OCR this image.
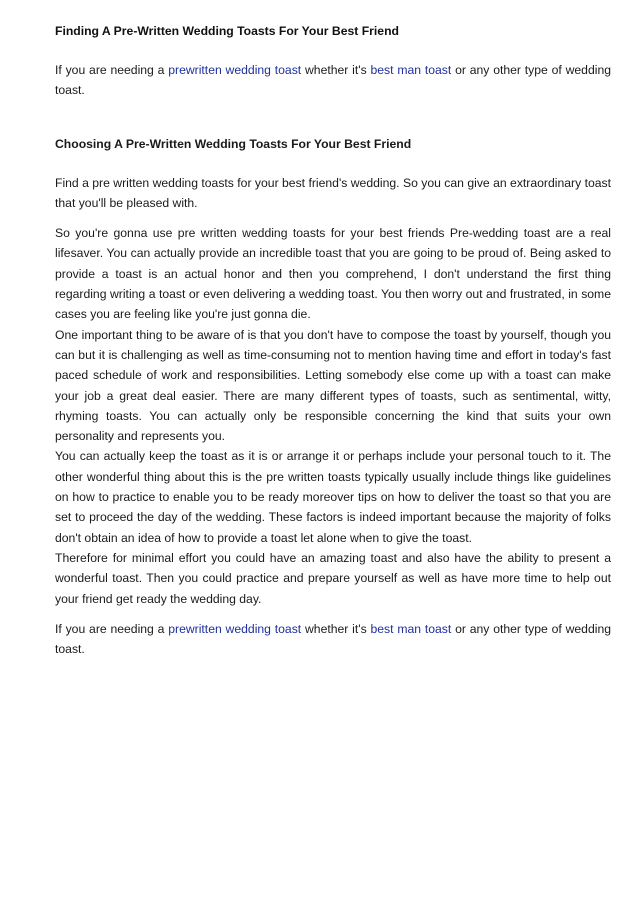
Finding A Pre-Written Wedding Toasts For Your Best Friend

If you are needing a prewritten wedding toast whether it's best man toast or any other type of wedding toast.

Choosing A Pre-Written Wedding Toasts For Your Best Friend

Find a pre written wedding toasts for your best friend's wedding. So you can give an extraordinary toast that you'll be pleased with.

So you're gonna use pre written wedding toasts for your best friends Pre-wedding toast are a real lifesaver. You can actually provide an incredible toast that you are going to be proud of. Being asked to provide a toast is an actual honor and then you comprehend, I don't understand the first thing regarding writing a toast or even delivering a wedding toast. You then worry out and frustrated, in some cases you are feeling like you're just gonna die.

One important thing to be aware of is that you don't have to compose the toast by yourself, though you can but it is challenging as well as time-consuming not to mention having time and effort in today's fast paced schedule of work and responsibilities. Letting somebody else come up with a toast can make your job a great deal easier. There are many different types of toasts, such as sentimental, witty, rhyming toasts. You can actually only be responsible concerning the kind that suits your own personality and represents you.

You can actually keep the toast as it is or arrange it or perhaps include your personal touch to it. The other wonderful thing about this is the pre written toasts typically usually include things like guidelines on how to practice to enable you to be ready moreover tips on how to deliver the toast so that you are set to proceed the day of the wedding. These factors is indeed important because the majority of folks don't obtain an idea of how to provide a toast let alone when to give the toast.

Therefore for minimal effort you could have an amazing toast and also have the ability to present a wonderful toast. Then you could practice and prepare yourself as well as have more time to help out your friend get ready the wedding day.

If you are needing a prewritten wedding toast whether it's best man toast or any other type of wedding toast.
